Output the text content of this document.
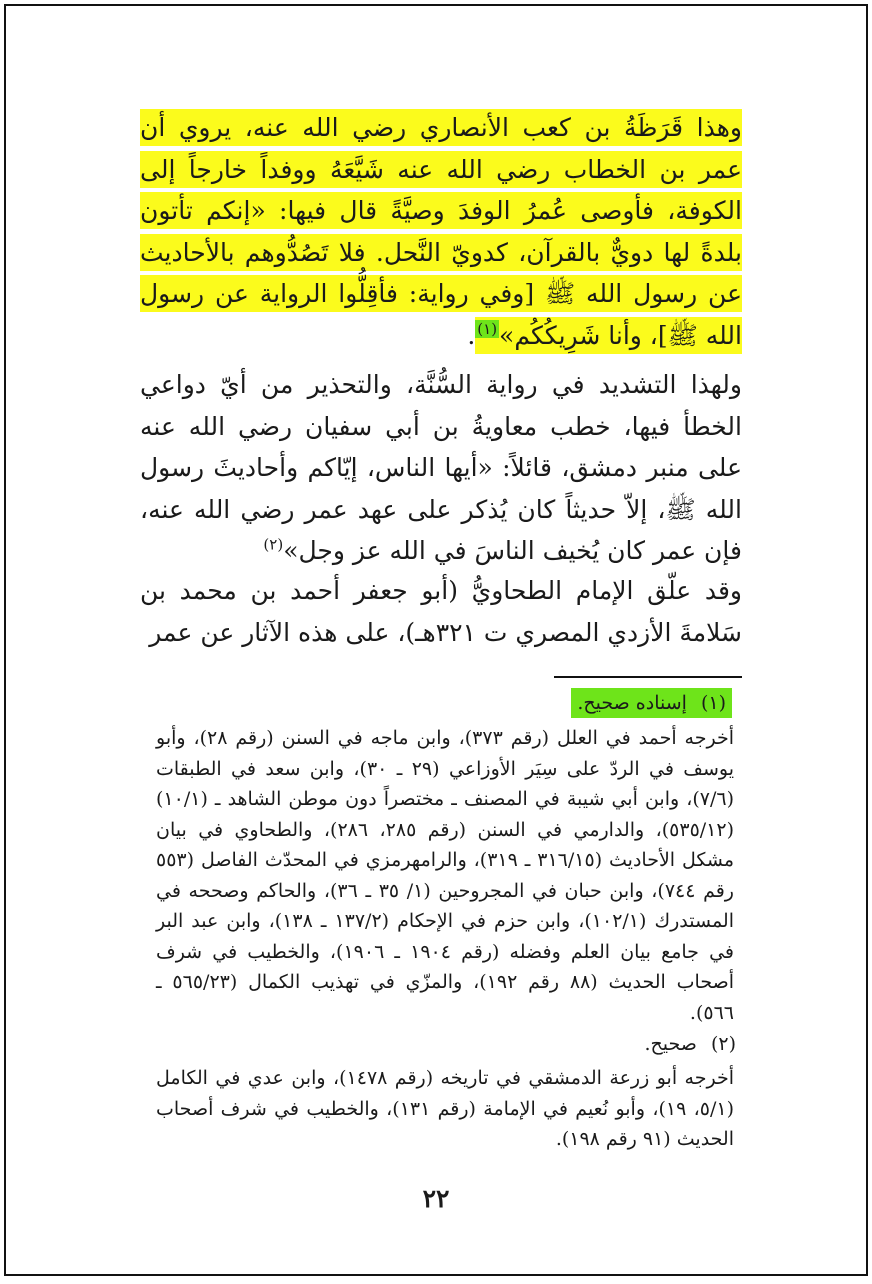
وهذا قَرَظَةُ بن كعب الأنصاري رضي الله عنه، يروي أن عمر بن الخطاب رضي الله عنه شَيَّعَهُ ووفداً خارجاً إلى الكوفة، فأوصى عُمرُ الوفدَ وصيَّةً قال فيها: «إنكم تأتون بلدةً لها دويٌّ بالقرآن، كدويّ النَّحل. فلا تَصُدُّوهم بالأحاديث عن رسول الله ﷺ [وفي رواية: فأقِلُّوا الرواية عن رسول الله ﷺ]، وأنا شَرِيكُكُم»$^{(١)}$.
ولهذا التشديد في رواية السُّنَّة، والتحذير من أيّ دواعي الخطأ فيها، خطب معاويةُ بن أبي سفيان رضي الله عنه على منبر دمشق، قائلاً: «أيها الناس، إيّاكم وأحاديثَ رسول الله ﷺ، إلاّ حديثاً كان يُذكر على عهد عمر رضي الله عنه، فإن عمر كان يُخيف الناسَ في الله عز وجل»$^{(٢)}$
وقد علّق الإمام الطحاويُّ (أبو جعفر أحمد بن محمد بن سَلامةَ الأزدي المصري ت ٣٢١هـ)، على هذه الآثار عن عمر
(١)إسناده صحيح.
أخرجه أحمد في العلل (رقم ٣٧٣)، وابن ماجه في السنن (رقم ٢٨)، وأبو يوسف في الردّ على سِيَر الأوزاعي (٢٩ ـ ٣٠)، وابن سعد في الطبقات (٧/٦)، وابن أبي شيبة في المصنف ـ مختصراً دون موطن الشاهد ـ (١٠/١) (٥٣٥/١٢)، والدارمي في السنن (رقم ٢٨٥، ٢٨٦)، والطحاوي في بيان مشكل الأحاديث (٣١٦/١٥ ـ ٣١٩)، والرامهرمزي في المحدّث الفاصل (٥٥٣ رقم ٧٤٤)، وابن حبان في المجروحين (١/ ٣٥ ـ ٣٦)، والحاكم وصححه في المستدرك (١٠٢/١)، وابن حزم في الإحكام (١٣٧/٢ ـ ١٣٨)، وابن عبد البر في جامع بيان العلم وفضله (رقم ١٩٠٤ ـ ١٩٠٦)، والخطيب في شرف أصحاب الحديث (٨٨ رقم ١٩٢)، والمزّي في تهذيب الكمال (٥٦٥/٢٣ ـ ٥٦٦).
(٢)صحيح.
أخرجه أبو زرعة الدمشقي في تاريخه (رقم ١٤٧٨)، وابن عدي في الكامل (٥/١، ١٩)، وأبو نُعيم في الإمامة (رقم ١٣١)، والخطيب في شرف أصحاب الحديث (٩١ رقم ١٩٨).
٢٢
